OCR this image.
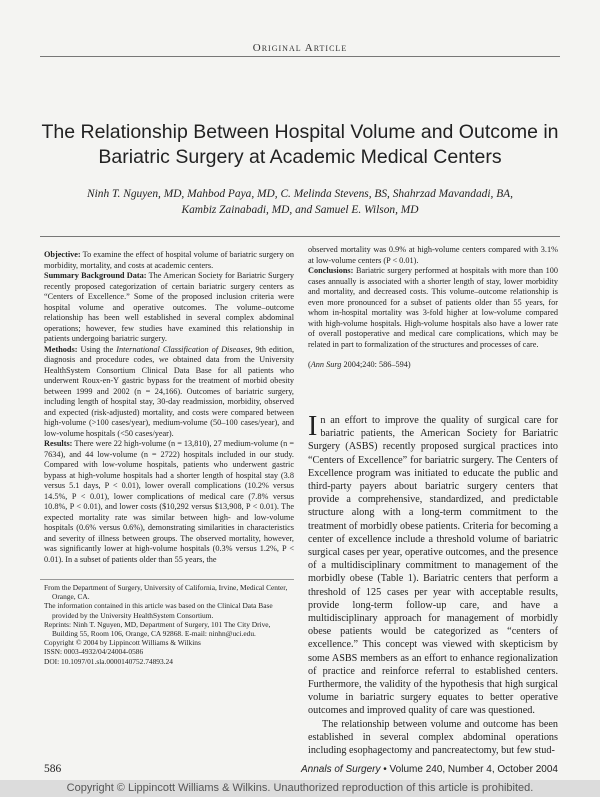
Original Article
The Relationship Between Hospital Volume and Outcome in Bariatric Surgery at Academic Medical Centers
Ninh T. Nguyen, MD, Mahbod Paya, MD, C. Melinda Stevens, BS, Shahrzad Mavandadi, BA,
Kambiz Zainabadi, MD, and Samuel E. Wilson, MD

Objective: To examine the effect of hospital volume of bariatric surgery on morbidity, mortality, and costs at academic centers.

Summary Background Data: The American Society for Bariatric Surgery recently proposed categorization of certain bariatric surgery centers as “Centers of Excellence.” Some of the proposed inclusion criteria were hospital volume and operative outcomes. The volume–outcome relationship has been well established in several complex abdominal operations; however, few studies have examined this relationship in patients undergoing bariatric surgery.

Methods: Using the International Classification of Diseases, 9th edition, diagnosis and procedure codes, we obtained data from the University HealthSystem Consortium Clinical Data Base for all patients who underwent Roux-en-Y gastric bypass for the treatment of morbid obesity between 1999 and 2002 (n = 24,166). Outcomes of bariatric surgery, including length of hospital stay, 30-day readmission, morbidity, observed and expected (risk-adjusted) mortality, and costs were compared between high-volume (>100 cases/year), medium-volume (50–100 cases/year), and low-volume hospitals (<50 cases/year).

Results: There were 22 high-volume (n = 13,810), 27 medium-volume (n = 7634), and 44 low-volume (n = 2722) hospitals included in our study. Compared with low-volume hospitals, patients who underwent gastric bypass at high-volume hospitals had a shorter length of hospital stay (3.8 versus 5.1 days, P < 0.01), lower overall complications (10.2% versus 14.5%, P < 0.01), lower complications of medical care (7.8% versus 10.8%, P < 0.01), and lower costs ($10,292 versus $13,908, P < 0.01). The expected mortality rate was similar between high- and low-volume hospitals (0.6% versus 0.6%), demonstrating similarities in characteristics and severity of illness between groups. The observed mortality, however, was significantly lower at high-volume hospitals (0.3% versus 1.2%, P < 0.01). In a subset of patients older than 55 years, the

observed mortality was 0.9% at high-volume centers compared with 3.1% at low-volume centers (P < 0.01).

Conclusions: Bariatric surgery performed at hospitals with more than 100 cases annually is associated with a shorter length of stay, lower morbidity and mortality, and decreased costs. This volume–outcome relationship is even more pronounced for a subset of patients older than 55 years, for whom in-hospital mortality was 3-fold higher at low-volume compared with high-volume hospitals. High-volume hospitals also have a lower rate of overall postoperative and medical care complications, which may be related in part to formalization of the structures and processes of care.

(Ann Surg 2004;240: 586–594)

In an effort to improve the quality of surgical care for bariatric patients, the American Society for Bariatric Surgery (ASBS) recently proposed surgical practices into “Centers of Excellence” for bariatric surgery. The Centers of Excellence program was initiated to educate the public and third-party payers about bariatric surgery centers that provide a comprehensive, standardized, and predictable structure along with a long-term commitment to the treatment of morbidly obese patients. Criteria for becoming a center of excellence include a threshold volume of bariatric surgical cases per year, operative outcomes, and the presence of a multidisciplinary commitment to management of the morbidly obese (Table 1). Bariatric centers that perform a threshold of 125 cases per year with acceptable results, provide long-term follow-up care, and have a multidisciplinary approach for management of morbidly obese patients would be categorized as “centers of excellence.” This concept was viewed with skepticism by some ASBS members as an effort to enhance regionalization of practice and reinforce referral to established centers. Furthermore, the validity of the hypothesis that high surgical volume in bariatric surgery equates to better operative outcomes and improved quality of care was questioned.

The relationship between volume and outcome has been established in several complex abdominal operations including esophagectomy and pancreatectomy, but few stud-

From the Department of Surgery, University of California, Irvine, Medical Center, Orange, CA.
The information contained in this article was based on the Clinical Data Base provided by the University HealthSystem Consortium.
Reprints: Ninh T. Nguyen, MD, Department of Surgery, 101 The City Drive, Building 55, Room 106, Orange, CA 92868. E-mail: ninhn@uci.edu.
Copyright © 2004 by Lippincott Williams & Wilkins
ISSN: 0003-4932/04/24004-0586
DOI: 10.1097/01.sla.0000140752.74893.24
586	Annals of Surgery • Volume 240, Number 4, October 2004
Copyright © Lippincott Williams & Wilkins. Unauthorized reproduction of this article is prohibited.
